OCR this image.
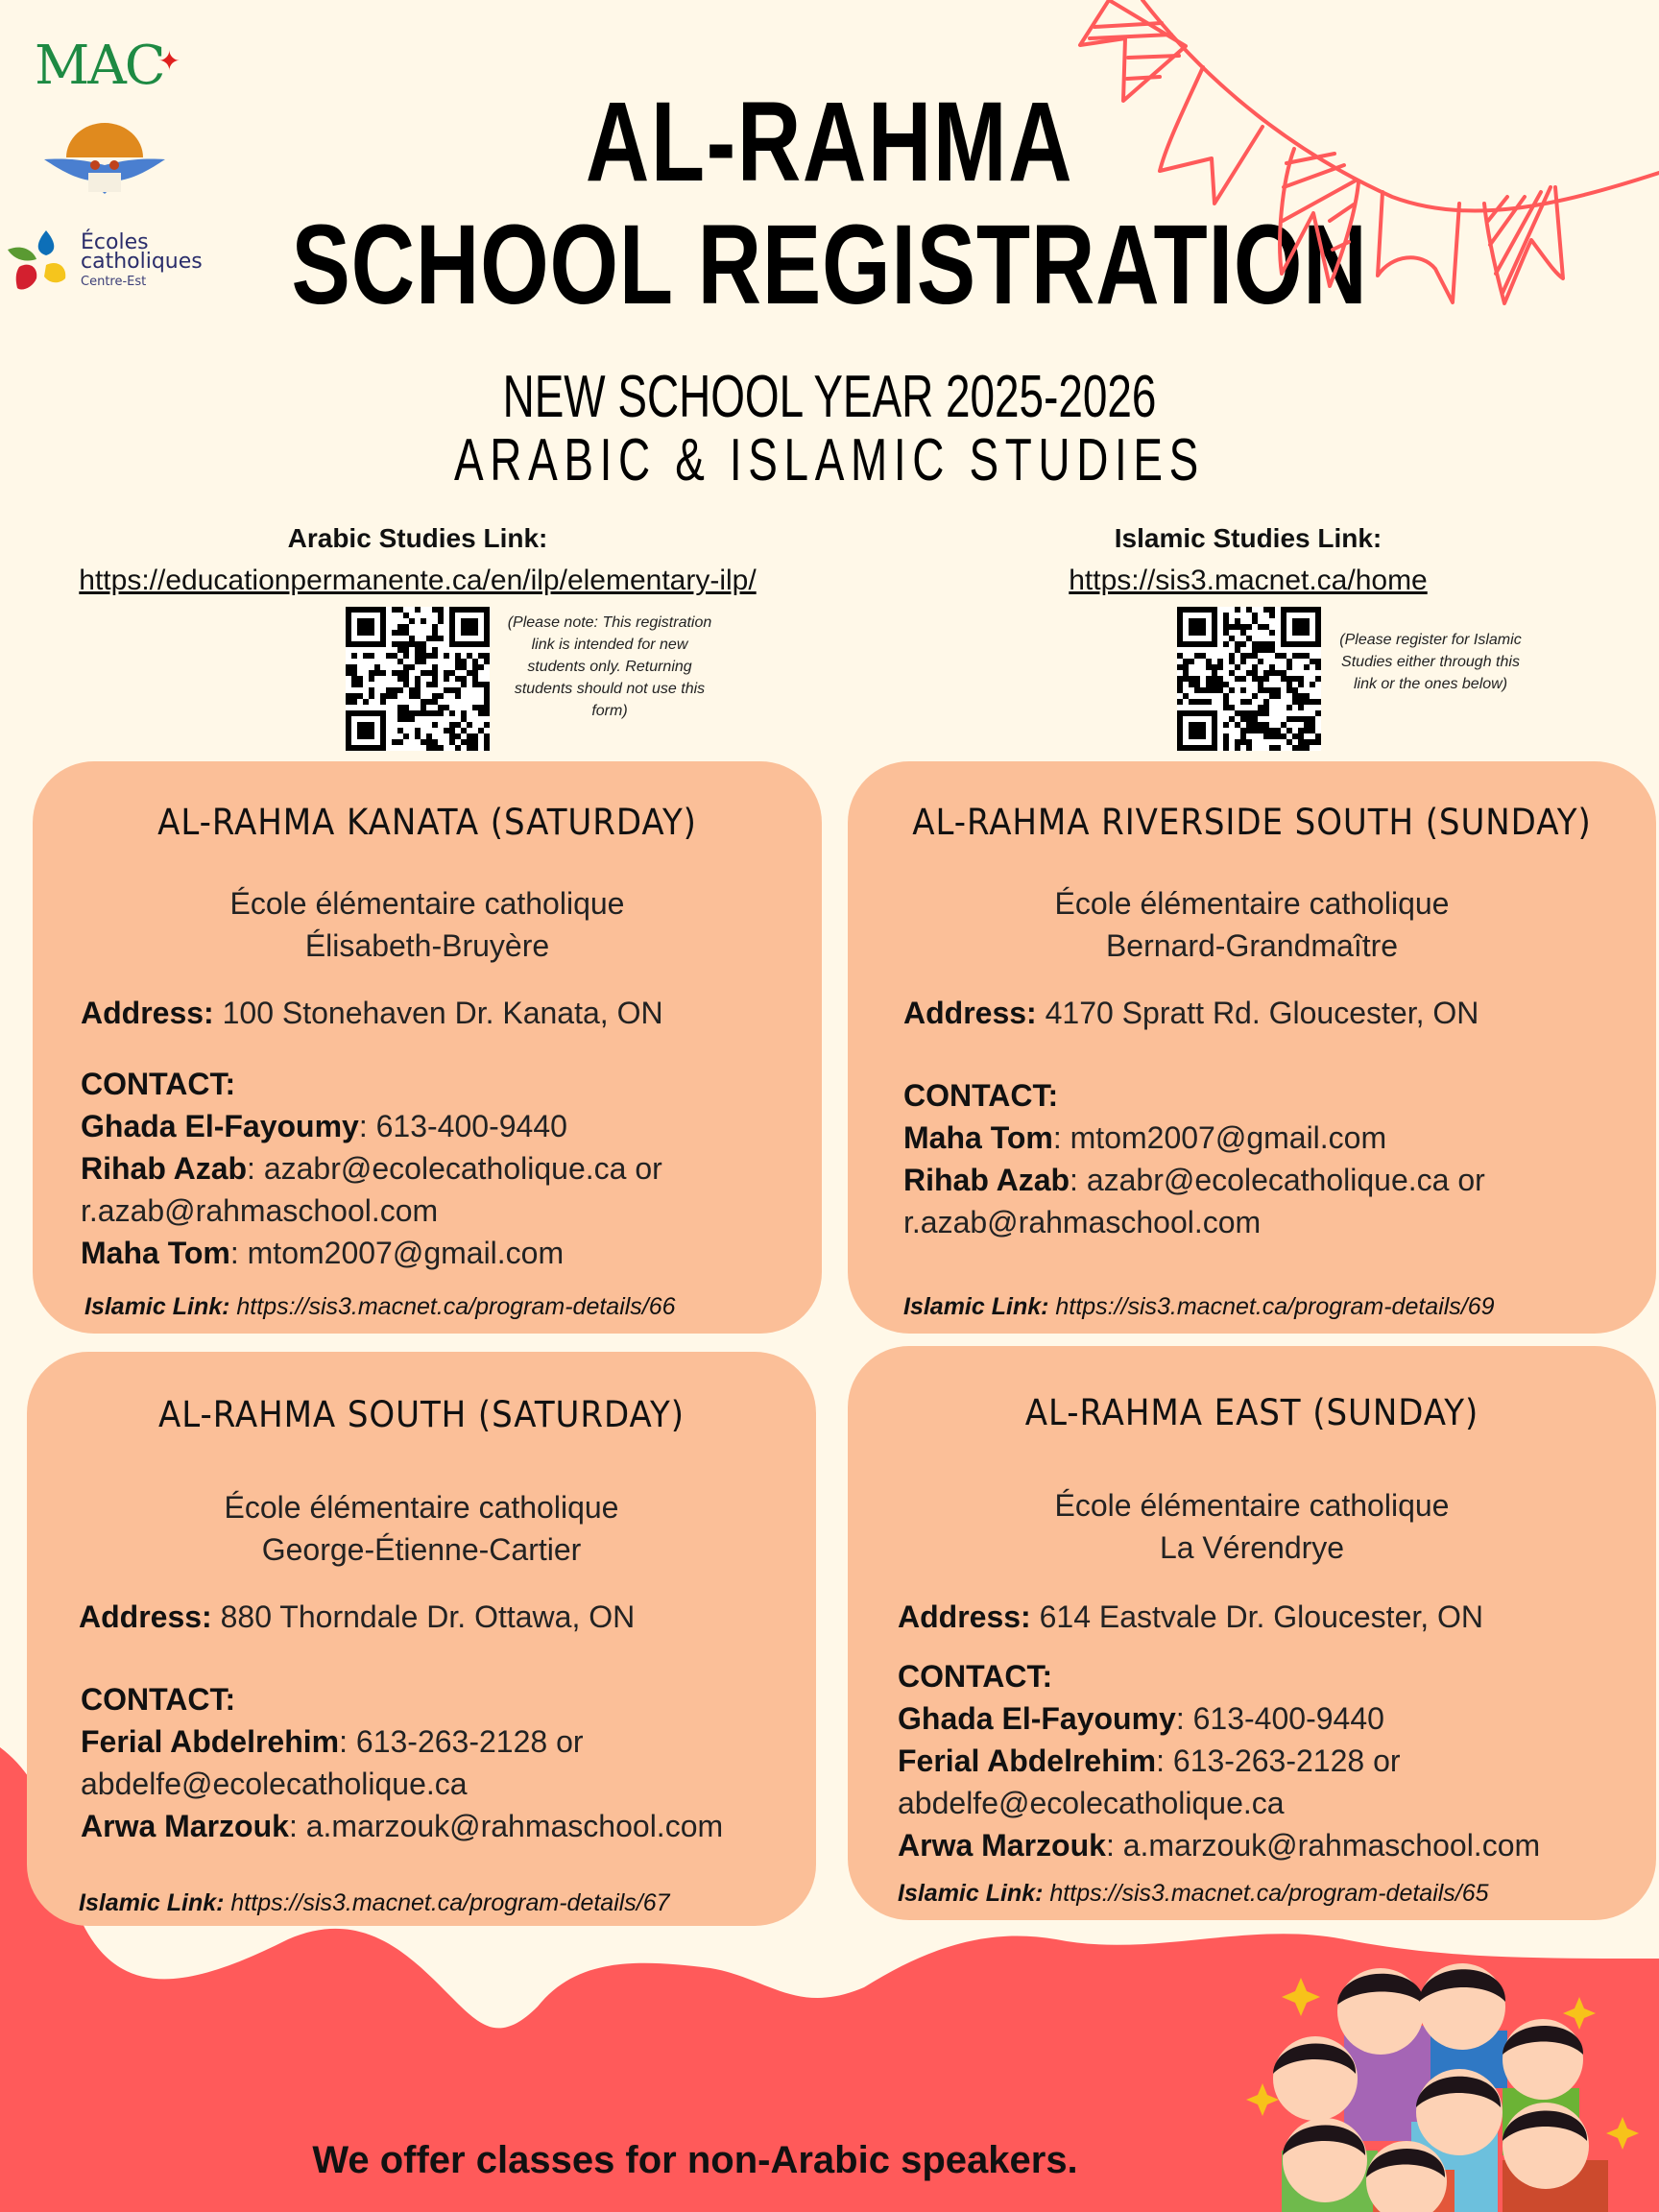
MAC✦
Écoles
catholiques
Centre-Est
AL-RAHMA
SCHOOL REGISTRATION
NEW SCHOOL YEAR 2025-2026
ARABIC & ISLAMIC STUDIES
Arabic Studies Link:
https://educationpermanente.ca/en/ilp/elementary-ilp/
(Please note: This registration link is intended for new students only. Returning students should not use this form)
Islamic Studies Link:
https://sis3.macnet.ca/home
(Please register for Islamic Studies either through this link or the ones below)
AL-RAHMA KANATA (SATURDAY)
École élémentaire catholique
Élisabeth-Bruyère
Address: 100 Stonehaven Dr. Kanata, ON
CONTACT:
Ghada El-Fayoumy: 613-400-9440
Rihab Azab: azabr@ecolecatholique.ca or
r.azab@rahmaschool.com
Maha Tom: mtom2007@gmail.com
Islamic Link: https://sis3.macnet.ca/program-details/66
AL-RAHMA RIVERSIDE SOUTH (SUNDAY)
École élémentaire catholique
Bernard-Grandmaître
Address: 4170 Spratt Rd. Gloucester, ON
CONTACT:
Maha Tom: mtom2007@gmail.com
Rihab Azab: azabr@ecolecatholique.ca or
r.azab@rahmaschool.com
Islamic Link: https://sis3.macnet.ca/program-details/69
AL-RAHMA SOUTH (SATURDAY)
École élémentaire catholique
George-Étienne-Cartier
Address: 880 Thorndale Dr. Ottawa, ON
CONTACT:
Ferial Abdelrehim: 613-263-2128 or
abdelfe@ecolecatholique.ca
Arwa Marzouk: a.marzouk@rahmaschool.com
Islamic Link: https://sis3.macnet.ca/program-details/67
AL-RAHMA EAST (SUNDAY)
École élémentaire catholique
La Vérendrye
Address: 614 Eastvale Dr. Gloucester, ON
CONTACT:
Ghada El-Fayoumy: 613-400-9440
Ferial Abdelrehim: 613-263-2128 or
abdelfe@ecolecatholique.ca
Arwa Marzouk: a.marzouk@rahmaschool.com
Islamic Link: https://sis3.macnet.ca/program-details/65
We offer classes for non-Arabic speakers.
